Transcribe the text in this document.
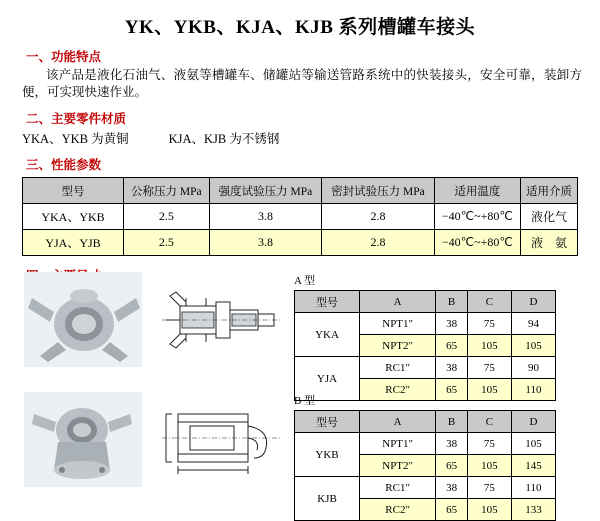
YK、YKB、KJA、KJB 系列槽罐车接头
一、功能特点
该产品是液化石油气、液氨等槽罐车、储罐站等输送管路系统中的快装接头，安全可靠，装卸方便，可实现快速作业。
二、主要零件材质
YKA、YKB 为黄铜	KJA、KJB 为不锈钢
三、性能参数
型号	公称压力 MPa	强度试验压力 MPa	密封试验压力 MPa	适用温度	适用介质
YKA、YKB	2.5	3.8	2.8	−40℃~+80℃	液化气
YJA、YJB	2.5	3.8	2.8	−40℃~+80℃	液　氨
A 型
型号	A	B	C	D
YKA	NPT1"	38	75	94
	NPT2"	65	105	105
YJA	RC1"	38	75	90
	RC2"	65	105	110
B 型
型号	A	B	C	D
YKB	NPT1"	38	75	105
	NPT2"	65	105	145
KJB	RC1"	38	75	110
	RC2"	65	105	133
